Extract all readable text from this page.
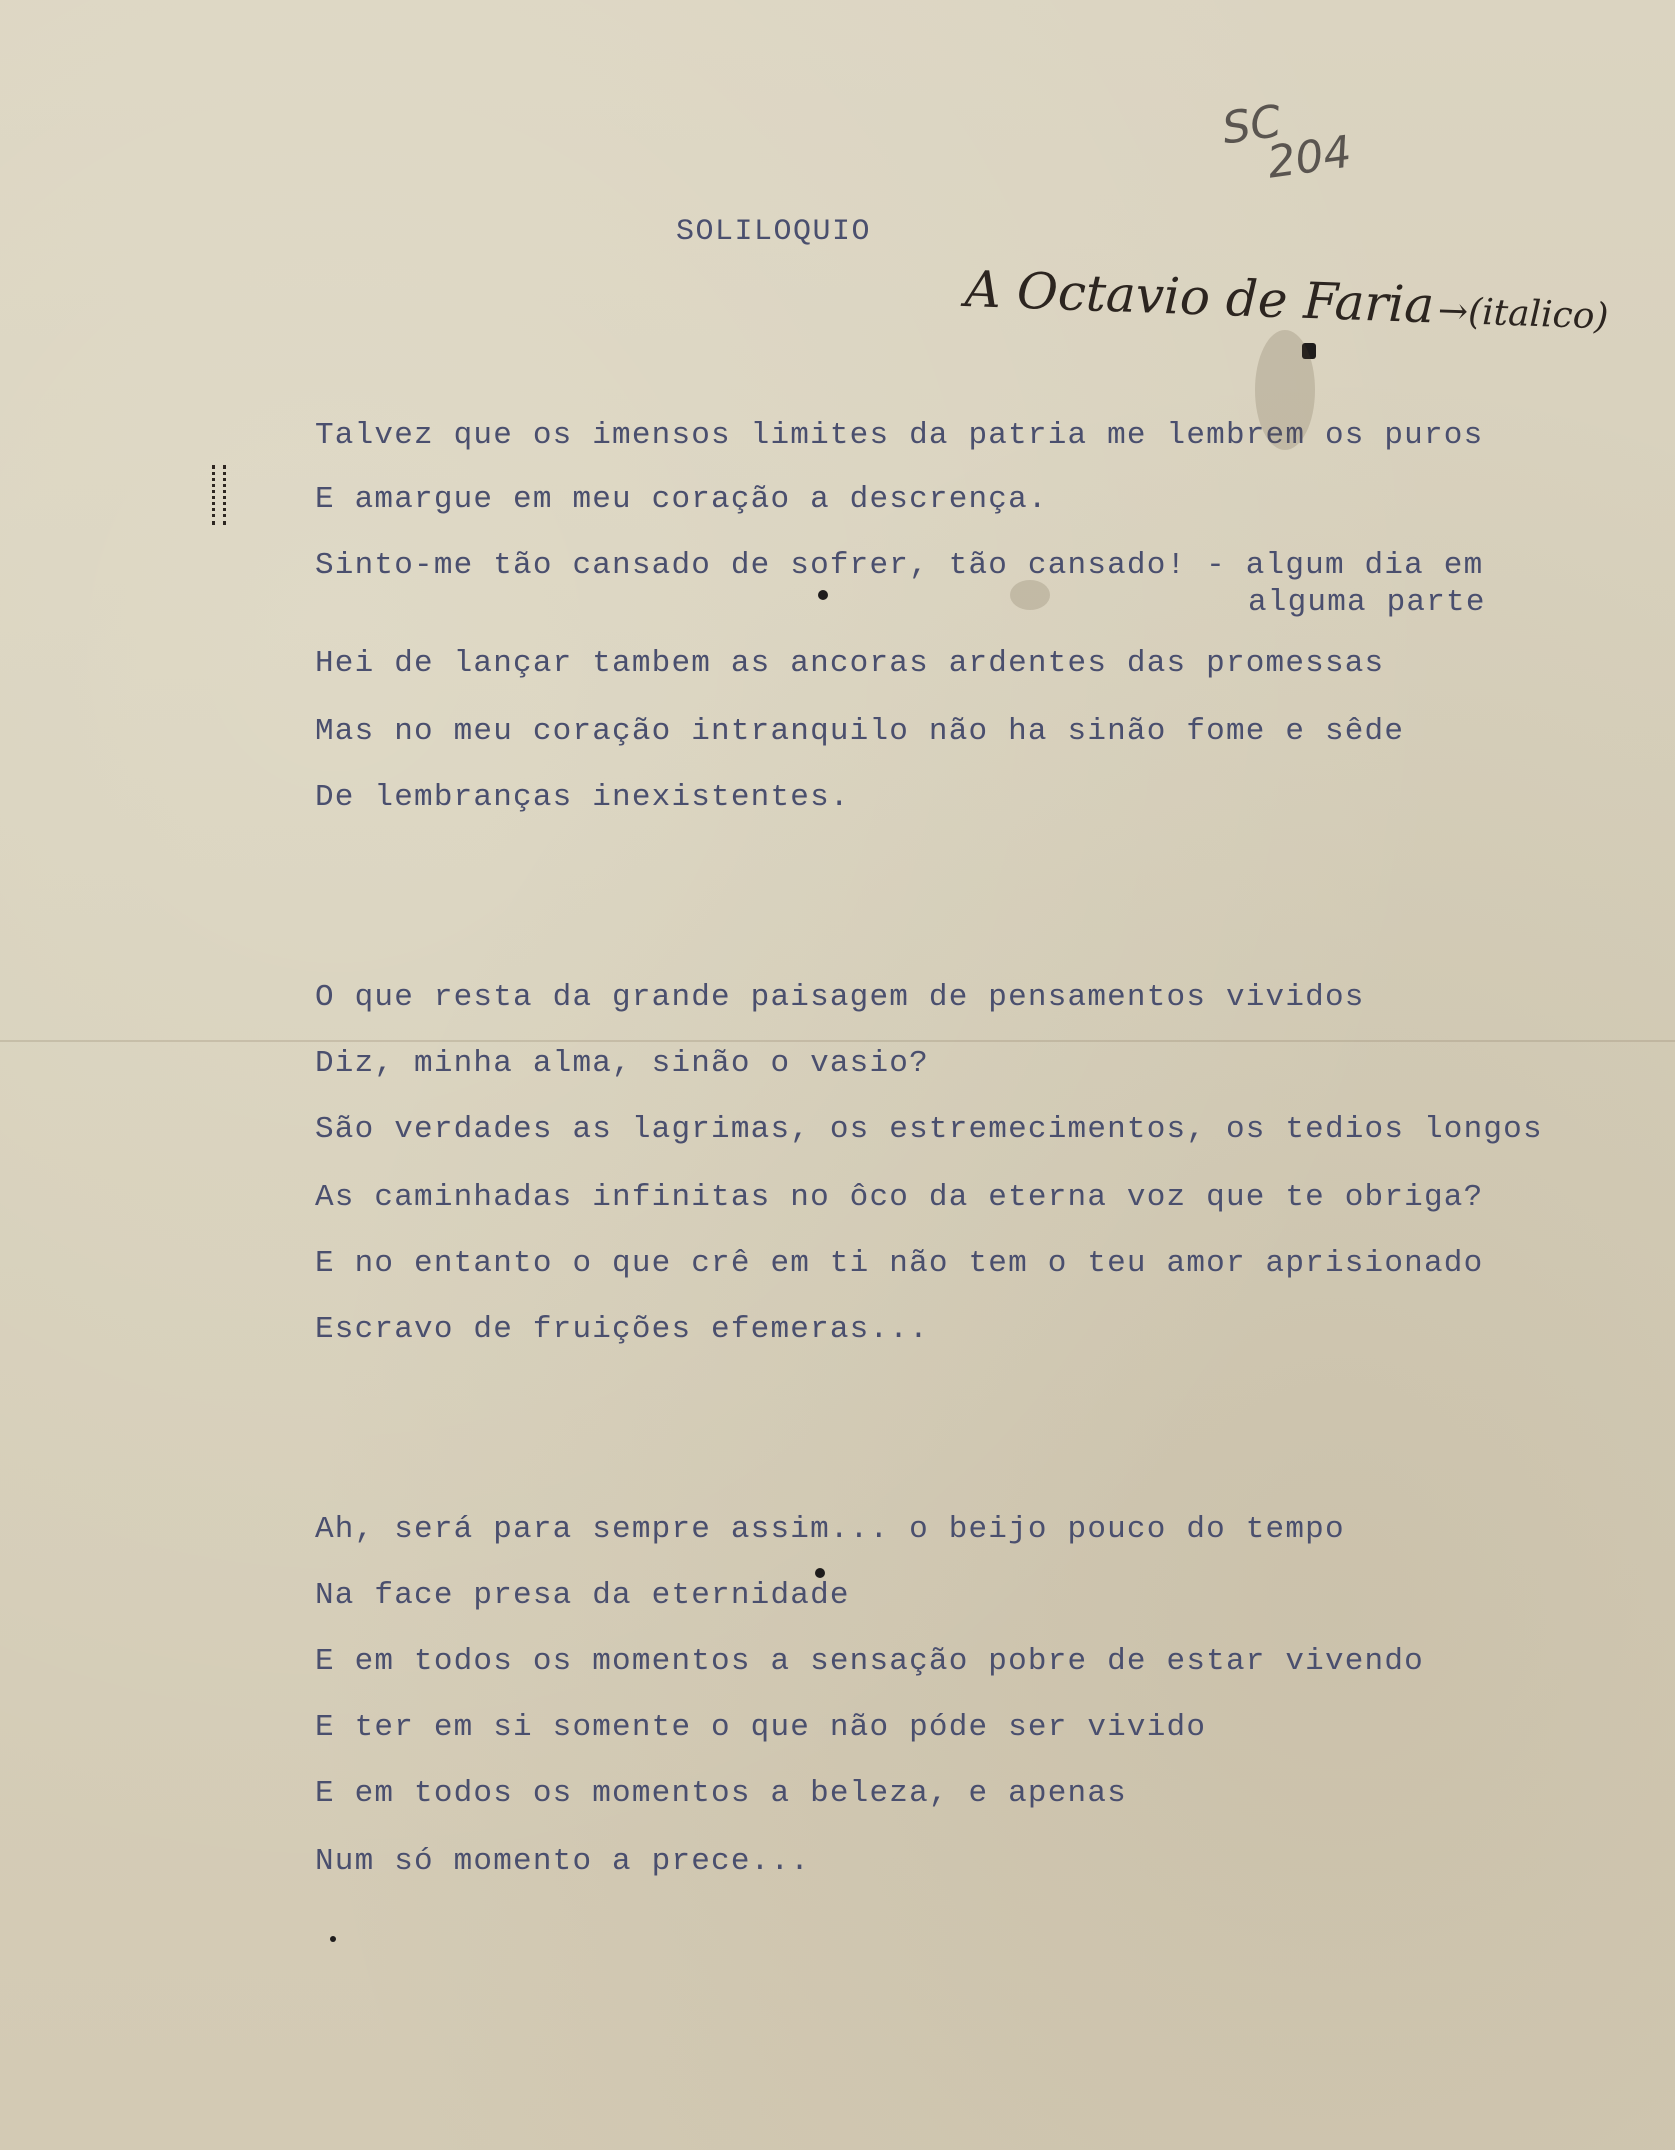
SC
204
SOLILOQUIO
A Octavio de Faria→(italico)
Talvez que os imensos limites da patria me lembrem os puros
E amargue em meu coração a descrença.
Sinto-me tão cansado de sofrer, tão cansado! - algum dia em
alguma parte
Hei de lançar tambem as ancoras ardentes das promessas
Mas no meu coração intranquilo não ha sinão fome e sêde
De lembranças inexistentes.
O que resta da grande paisagem de pensamentos vividos
Diz, minha alma, sinão o vasio?
São verdades as lagrimas, os estremecimentos, os tedios longos
As caminhadas infinitas no ôco da eterna voz que te obriga?
E no entanto o que crê em ti não tem o teu amor aprisionado
Escravo de fruições efemeras...
Ah, será para sempre assim... o beijo pouco do tempo
Na face presa da eternidade
E em todos os momentos a sensação pobre de estar vivendo
E ter em si somente o que não póde ser vivido
E em todos os momentos a beleza, e apenas
Num só momento a prece...
